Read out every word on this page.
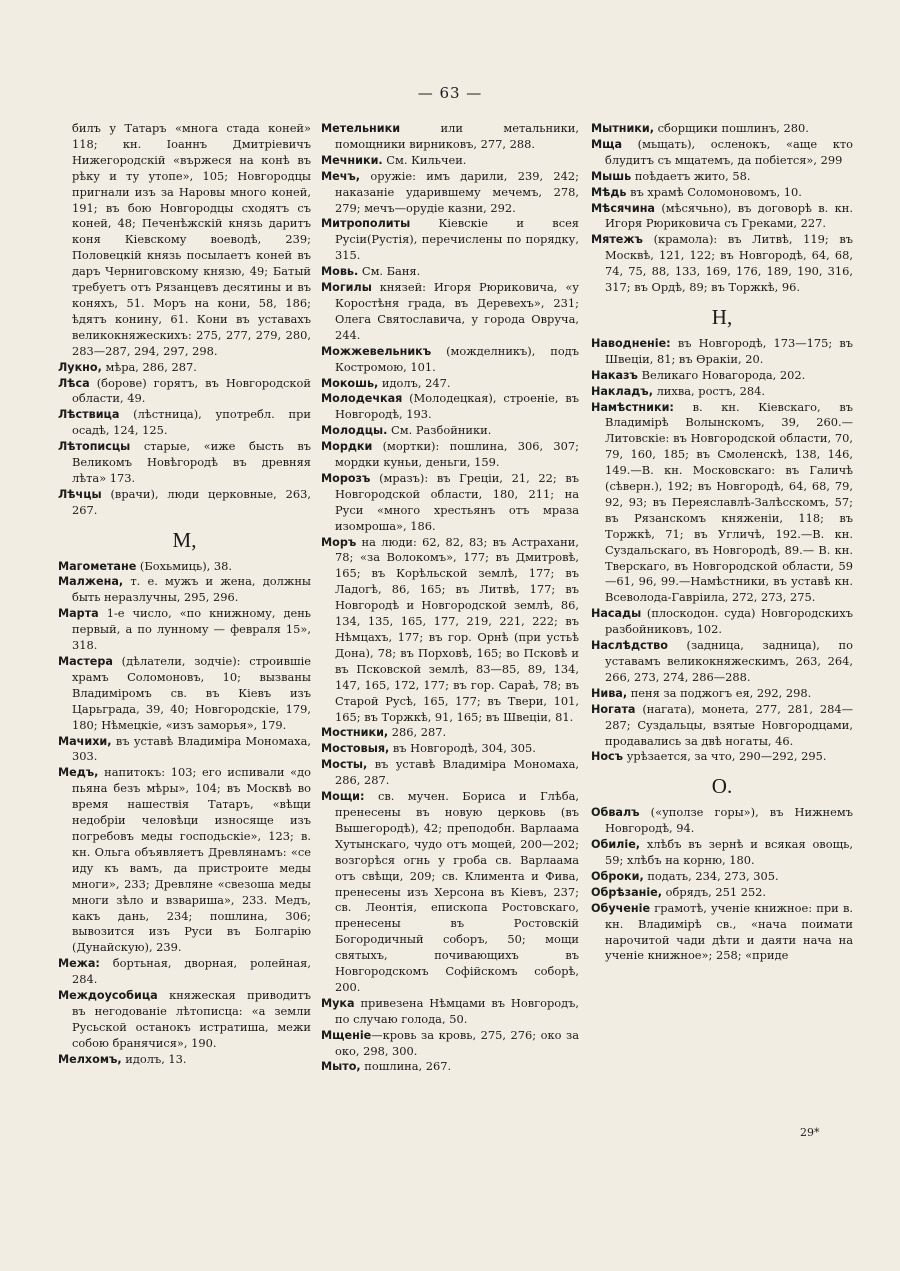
— 63 —

билъ у Татаръ «многа стада коней» 118; кн. Іоаннъ Дмитріевичъ Нижегородскій «вържеся на конѣ въ рѣку и ту утопе», 105; Новгородцы пригнали изъ за Наровы много коней, 191; въ бою Новгородцы сходятъ съ коней, 48; Печенѣжскій князь даритъ коня Кіевскому воеводѣ, 239; Половецкій князь посылаетъ коней въ даръ Черниговскому князю, 49; Батый требуетъ отъ Рязанцевъ десятины и въ коняхъ, 51. Моръ на кони, 58, 186; ѣдятъ конину, 61. Кони въ уставахъ великокняжескихъ: 275, 277, 279, 280, 283—287, 294, 297, 298.

Лукно, мѣра, 286, 287.

Лѣса (борове) горятъ, въ Новгородской области, 49.

Лѣствица (лѣстница), употребл. при осадѣ, 124, 125.

Лѣтописцы старые, «иже бысть въ Великомъ Новѣгородѣ въ древняя лѣта» 173.

Лѣчцы (врачи), люди церковные, 263, 267.

М,

Магометане (Бохьмиць), 38.

Малжена, т. е. мужъ и жена, должны быть неразлучны, 295, 296.

Марта 1-е число, «по книжному, день первый, а по лунному — февраля 15», 318.

Мастера (дѣлатели, зодчіе): строившіе храмъ Соломоновъ, 10; вызваны Владиміромъ св. въ Кіевъ изъ Царьграда, 39, 40; Новгородскіе, 179, 180; Нѣмецкіе, «изъ заморья», 179.

Мачихи, въ уставѣ Владиміра Мономаха, 303.

Медъ, напитокъ: 103; его испивали «до пьяна безъ мѣры», 104; въ Москвѣ во время нашествія Татаръ, «вѣщи недобріи человѣци износяще изъ погребовъ меды господьскіе», 123; в. кн. Ольга объявляетъ Древлянамъ: «се иду къ вамъ, да пристроите меды многи», 233; Древляне «свезоша меды многи зѣло и взвариша», 233. Медъ, какъ дань, 234; пошлина, 306; вывозится изъ Руси въ Болгарію (Дунайскую), 239.

Межа: бортьная, дворная, ролейная, 284.

Междоусобица княжеская приводитъ въ негодованіе лѣтописца: «а земли Русьской останокъ истратиша, межи собою бранячися», 190.

Мелхомъ, идолъ, 13.

Метельники или метальники, помощники вирниковъ, 277, 288.

Мечники. См. Кильчеи.

Мечъ, оружіе: имъ дарили, 239, 242; наказаніе ударившему мечемъ, 278, 279; мечъ—орудіе казни, 292.

Митрополиты Кіевскіе и всея Русіи(Рустія), перечислены по порядку, 315.

Мовь. См. Баня.

Могилы князей: Игоря Рюриковича, «у Коростѣня града, въ Деревехъ», 231; Олега Святославича, у города Овруча, 244.

Можжевельникъ (можделникъ), подъ Костромою, 101.

Мокошь, идолъ, 247.

Молодечкая (Молодецкая), строеніе, въ Новгородѣ, 193.

Молодцы. См. Разбойники.

Мордки (мортки): пошлина, 306, 307; мордки куньи, деньги, 159.

Морозъ (мразъ): въ Греціи, 21, 22; въ Новгородской области, 180, 211; на Руси «много хрестьянъ отъ мраза изомроша», 186.

Моръ на люди: 62, 82, 83; въ Астрахани, 78; «за Волокомъ», 177; въ Дмитровѣ, 165; въ Корѣльской землѣ, 177; въ Ладогѣ, 86, 165; въ Литвѣ, 177; въ Новгородѣ и Новгородской землѣ, 86, 134, 135, 165, 177, 219, 221, 222; въ Нѣмцахъ, 177; въ гор. Орнѣ (при устьѣ Дона), 78; въ Порховѣ, 165; во Псковѣ и въ Псковской землѣ, 83—85, 89, 134, 147, 165, 172, 177; въ гор. Сараѣ, 78; въ Старой Русѣ, 165, 177; въ Твери, 101, 165; въ Торжкѣ, 91, 165; въ Швеціи, 81.

Мостники, 286, 287.

Мостовыя, въ Новгородѣ, 304, 305.

Мосты, въ уставѣ Владиміра Мономаха, 286, 287.

Мощи: св. мучен. Бориса и Глѣба, пренесены въ новую церковь (въ Вышегородѣ), 42; преподобн. Варлаама Хутынскаго, чудо отъ мощей, 200—202; возгорѣся огнь у гроба св. Варлаама отъ свѣщи, 209; св. Климента и Фива, пренесены изъ Херсона въ Кіевъ, 237; св. Леонтія, епископа Ростовскаго, пренесены въ Ростовскій Богородичный соборъ, 50; мощи святыхъ, почивающихъ въ Новгородскомъ Софійскомъ соборѣ, 200.

Мука привезена Нѣмцами въ Новгородъ, по случаю голода, 50.

Мщеніе—кровь за кровь, 275, 276; око за око, 298, 300.

Мыто, пошлина, 267.

Мытники, сборщики пошлинъ, 280.

Мща (мьщать), осленокъ, «аще кто блудитъ съ мщатемъ, да побіется», 299

Мышь поѣдаетъ жито, 58.

Мѣдь въ храмѣ Соломоновомъ, 10.

Мѣсячина (мѣсячьно), въ договорѣ в. кн. Игоря Рюриковича съ Греками, 227.

Мятежъ (крамола): въ Литвѣ, 119; въ Москвѣ, 121, 122; въ Новгородѣ, 64, 68, 74, 75, 88, 133, 169, 176, 189, 190, 316, 317; въ Ордѣ, 89; въ Торжкѣ, 96.

Н,

Наводненіе: въ Новгородѣ, 173—175; въ Швеціи, 81; въ Ѳракіи, 20.

Наказъ Великаго Новагорода, 202.

Накладъ, лихва, ростъ, 284.

Намѣстники: в. кн. Кіевскаго, въ Владимірѣ Волынскомъ, 39, 260.— Литовскіе: въ Новгородской области, 70, 79, 160, 185; въ Смоленскѣ, 138, 146, 149.—В. кн. Московскаго: въ Галичѣ (сѣверн.), 192; въ Новгородѣ, 64, 68, 79, 92, 93; въ Переяславлѣ-Залѣсскомъ, 57; въ Рязанскомъ княженіи, 118; въ Торжкѣ, 71; въ Угличѣ, 192.—В. кн. Суздальскаго, въ Новгородѣ, 89.— В. кн. Тверскаго, въ Новгородской области, 59—61, 96, 99.—Намѣстники, въ уставѣ кн. Всеволода-Гавріила, 272, 273, 275.

Насады (плоскодон. суда) Новгородскихъ разбойниковъ, 102.

Наслѣдство (задница, задница), по уставамъ великокняжескимъ, 263, 264, 266, 273, 274, 286—288.

Нива, пеня за поджогъ ея, 292, 298.

Ногата (нагата), монета, 277, 281, 284—287; Суздальцы, взятые Новгородцами, продавались за двѣ ногаты, 46.

Носъ урѣзается, за что, 290—292, 295.

О.

Обвалъ («уползе горы»), въ Нижнемъ Новгородѣ, 94.

Обиліе, хлѣбъ въ зернѣ и всякая овощь, 59; хлѣбъ на корню, 180.

Оброки, подать, 234, 273, 305.

Обрѣзаніе, обрядъ, 251 252.

Обученіе грамотѣ, ученіе книжное: при в. кн. Владимірѣ св., «нача поимати нарочитой чади дѣти и даяти нача на ученіе книжное»; 258; «приде

29*
